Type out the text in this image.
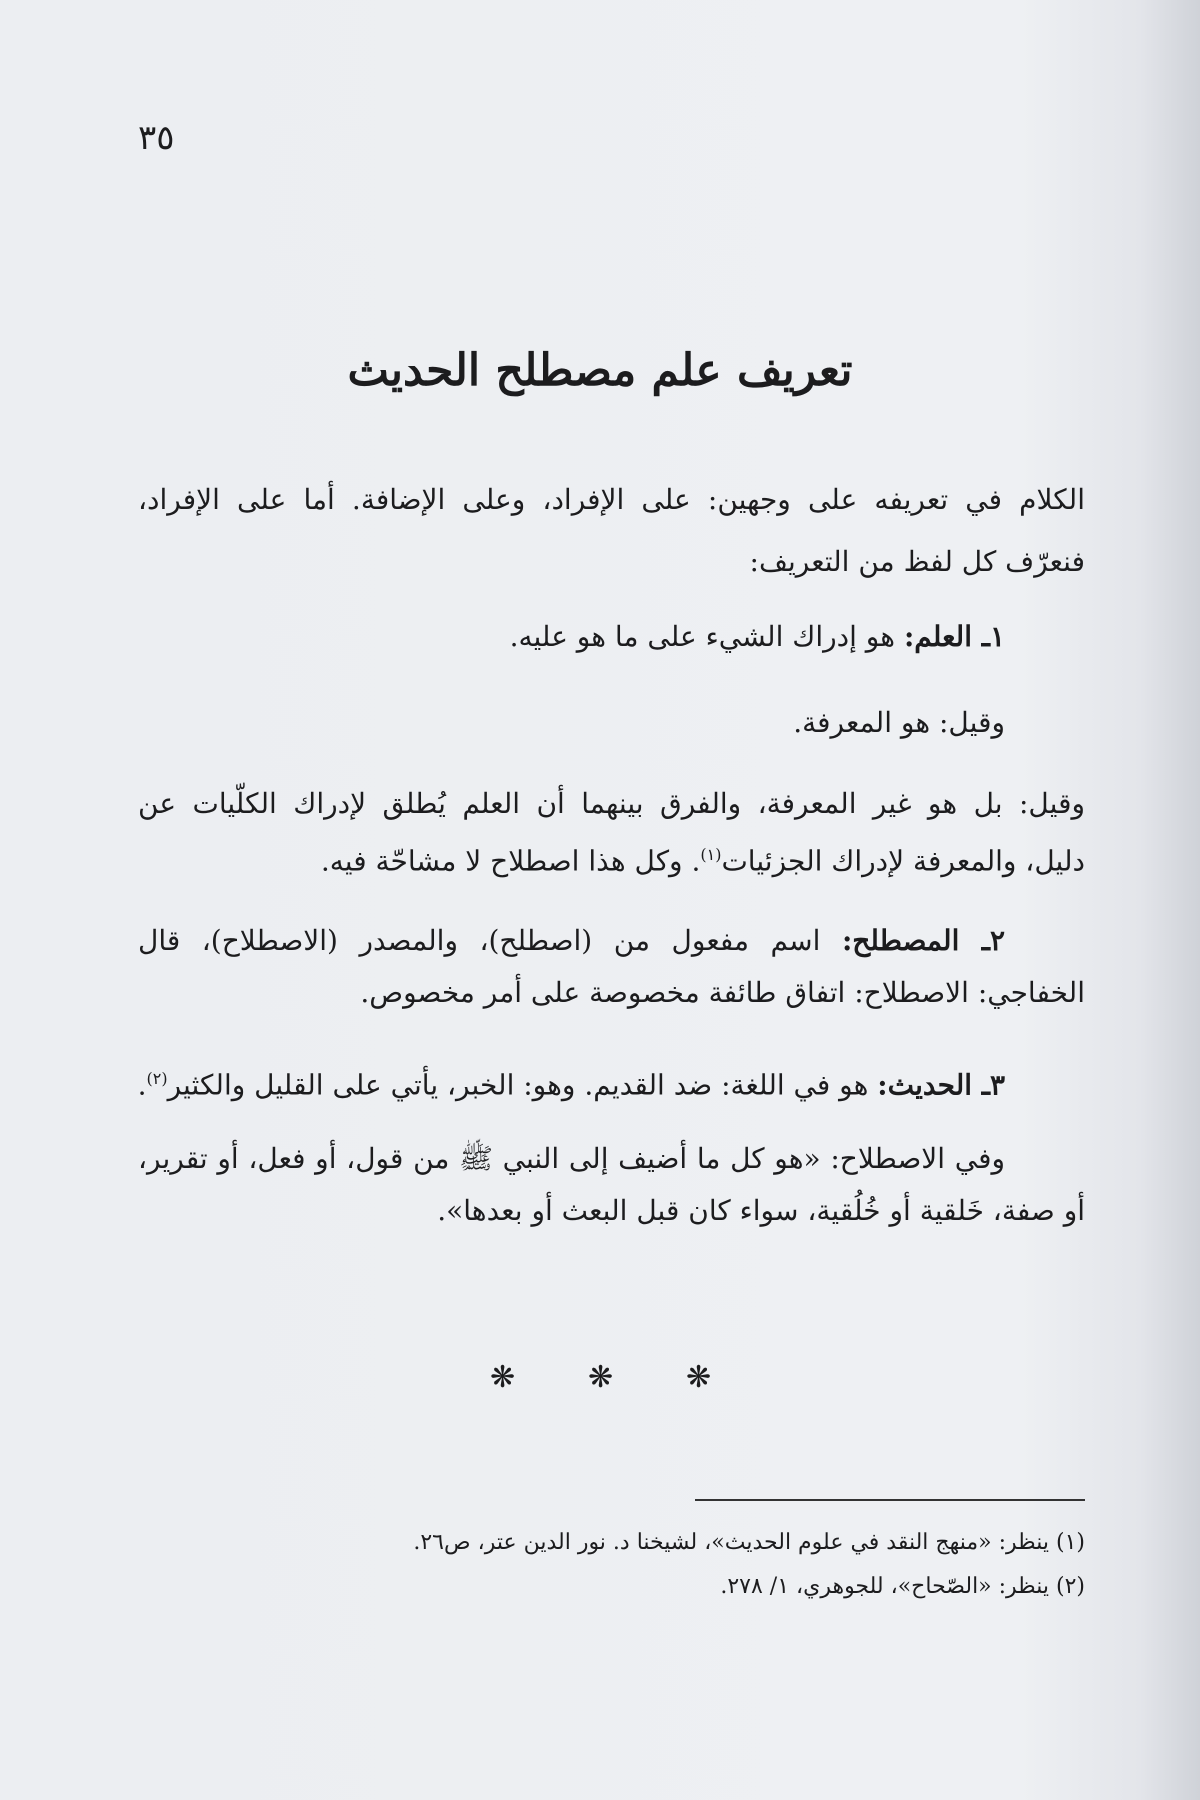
٣٥
تعريف علم مصطلح الحديث
الكلام في تعريفه على وجهين: على الإفراد، وعلى الإضافة. أما على الإفراد،
فنعرّف كل لفظ من التعريف:
١ـ العلم: هو إدراك الشيء على ما هو عليه.
وقيل: هو المعرفة.
وقيل: بل هو غير المعرفة، والفرق بينهما أن العلم يُطلق لإدراك الكلّيات عن
دليل، والمعرفة لإدراك الجزئيات$^{(١)}$. وكل هذا اصطلاح لا مشاحّة فيه.
٢ـ المصطلح: اسم مفعول من (اصطلح)، والمصدر (الاصطلاح)، قال
الخفاجي: الاصطلاح: اتفاق طائفة مخصوصة على أمر مخصوص.
٣ـ الحديث: هو في اللغة: ضد القديم. وهو: الخبر، يأتي على القليل والكثير$^{(٢)}$.
وفي الاصطلاح: «هو كل ما أضيف إلى النبي ﷺ من قول، أو فعل، أو تقرير،
أو صفة، خَلقية أو خُلُقية، سواء كان قبل البعث أو بعدها».
❋ ❋ ❋
(١) ينظر: «منهج النقد في علوم الحديث»، لشيخنا د. نور الدين عتر، ص٢٦.
(٢) ينظر: «الصّحاح»، للجوهري، ١/ ٢٧٨.
